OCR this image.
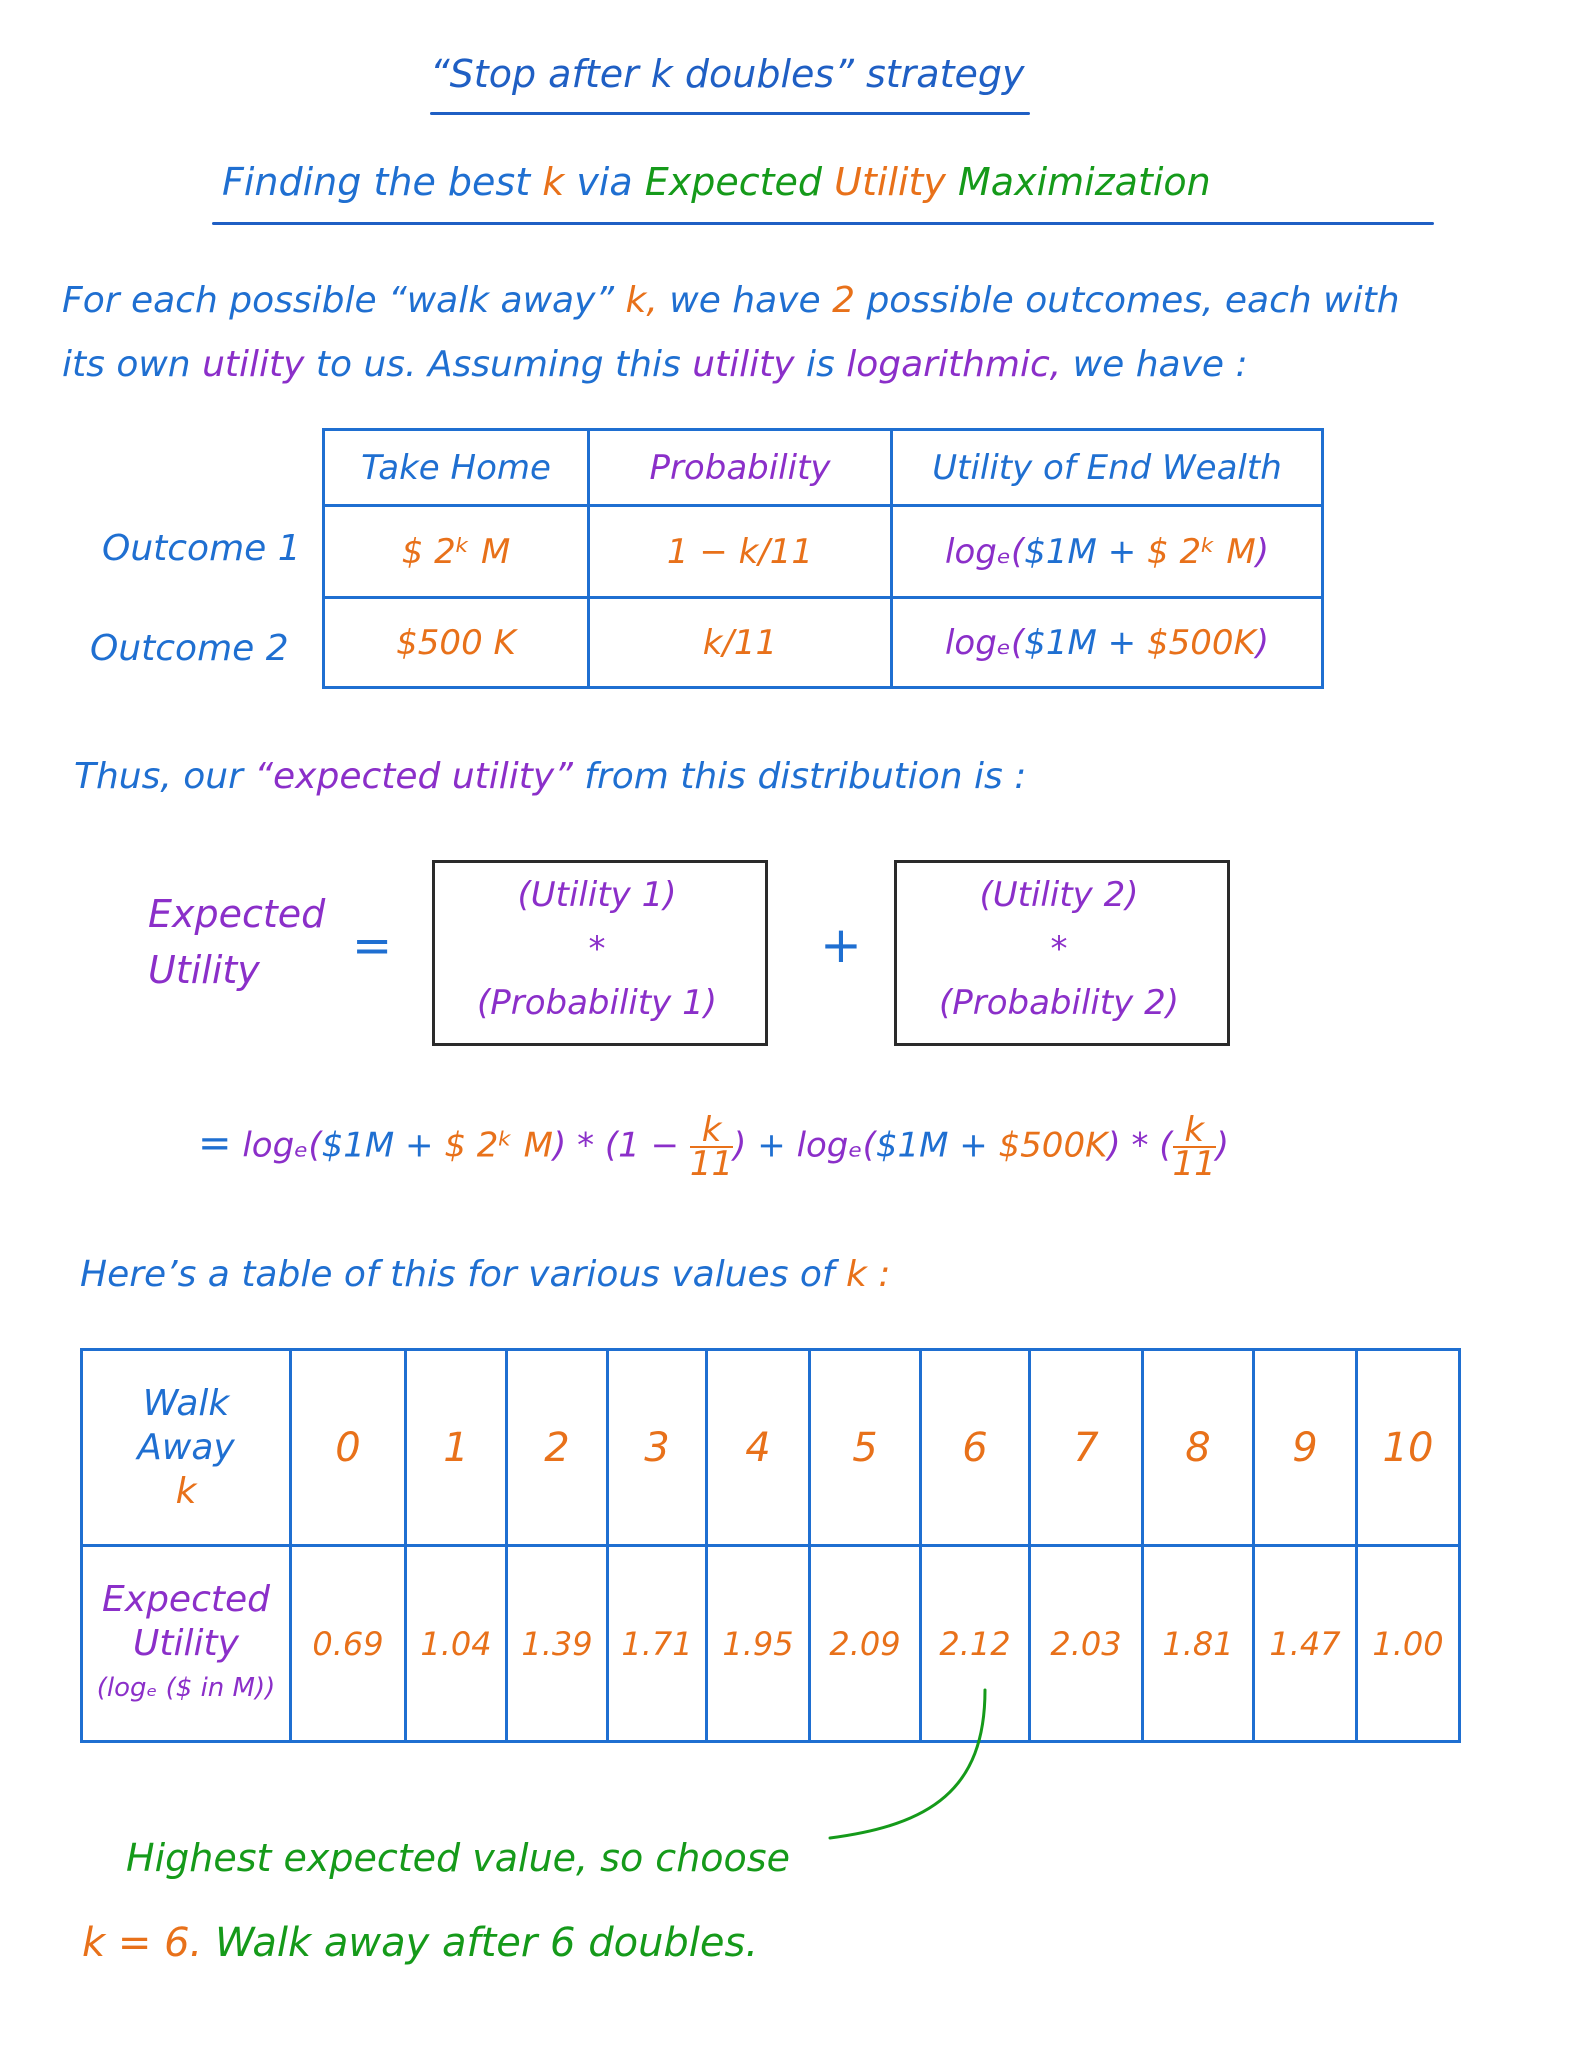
“Stop after k doubles” strategy
Finding the best k via Expected Utility Maximization
For each possible “walk away” k, we have 2 possible outcomes, each with
its own utility to us. Assuming this utility is logarithmic, we have :
Outcome 1
Outcome 2
Take Home	Probability	Utility of End Wealth
$ 2ᵏ M	1 − k/11	logₑ($1M + $ 2ᵏ M)
$500 K	k/11	logₑ($1M + $500K)
Thus, our “expected utility” from this distribution is :
Expected
Utility	=
(Utility 1)
*
(Probability 1)
+
(Utility 2)
*
(Probability 2)
= logₑ($1M + $ 2ᵏ $M) * (1 - \frac{k}{11}$ ) + logₑ($1M + $500K) * ( $\frac{k}{11}$ )
Here’s a table of this for various values of k :
Walk
Away
k	0	1	2	3	4	5	6	7	8	9	10

Expected
Utility
(logₑ ($ in M))	0.69	1.04	1.39	1.71	1.95	2.09	2.12	2.03	1.81	1.47	1.00
Highest expected value, so choose
k = 6. Walk away after 6 doubles.
